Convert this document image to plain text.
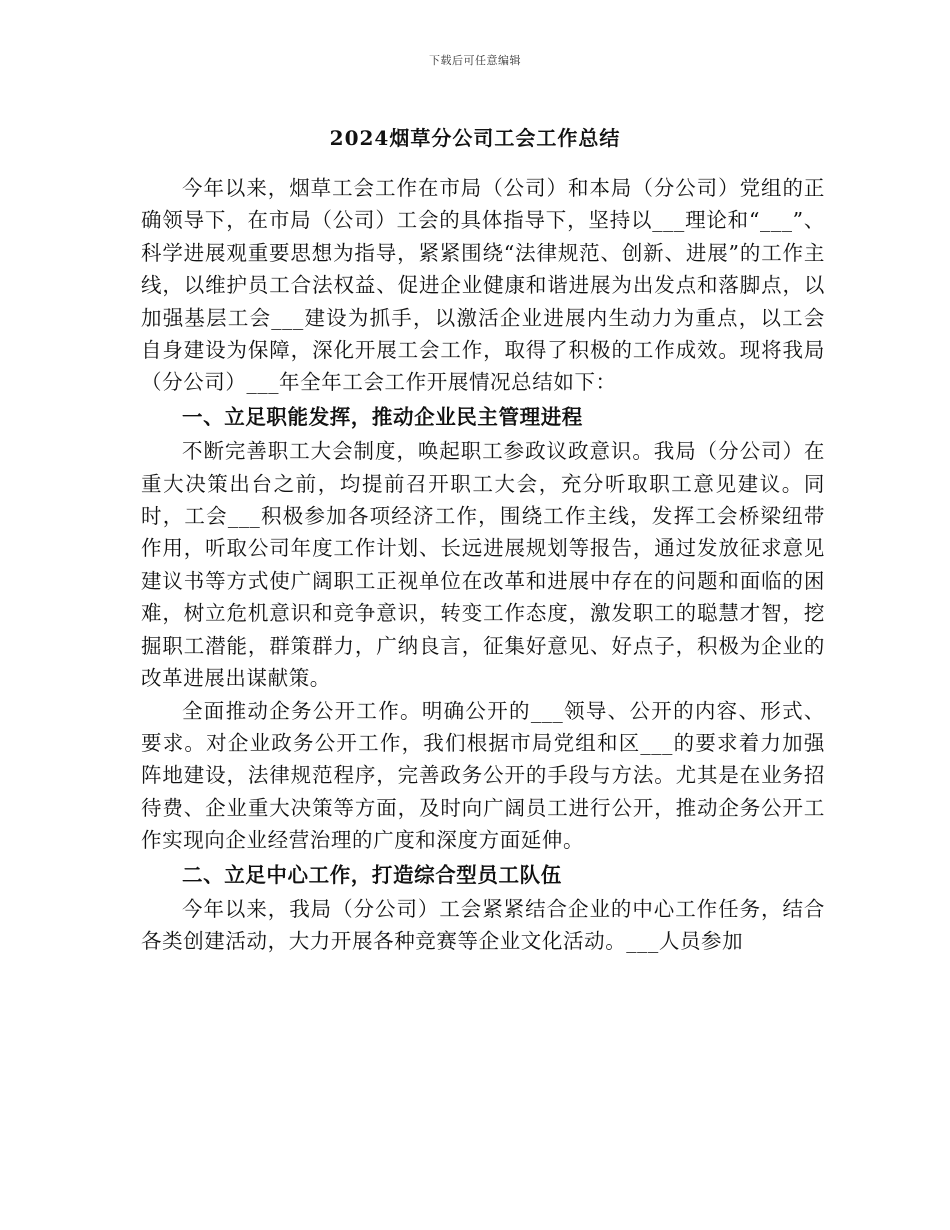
下载后可任意编辑
2024烟草分公司工会工作总结

今年以来，烟草工会工作在市局（公司）和本局（分公司）党组的正确领导下，在市局（公司）工会的具体指导下，坚持以___理论和“___”、科学进展观重要思想为指导，紧紧围绕“法律规范、创新、进展”的工作主线，以维护员工合法权益、促进企业健康和谐进展为出发点和落脚点，以加强基层工会___建设为抓手，以激活企业进展内生动力为重点，以工会自身建设为保障，深化开展工会工作，取得了积极的工作成效。现将我局（分公司）___年全年工会工作开展情况总结如下：

一、立足职能发挥，推动企业民主管理进程

不断完善职工大会制度，唤起职工参政议政意识。我局（分公司）在重大决策出台之前，均提前召开职工大会，充分听取职工意见建议。同时，工会___积极参加各项经济工作，围绕工作主线，发挥工会桥梁纽带作用，听取公司年度工作计划、长远进展规划等报告，通过发放征求意见建议书等方式使广阔职工正视单位在改革和进展中存在的问题和面临的困难，树立危机意识和竞争意识，转变工作态度，激发职工的聪慧才智，挖掘职工潜能，群策群力，广纳良言，征集好意见、好点子，积极为企业的改革进展出谋献策。

全面推动企务公开工作。明确公开的___领导、公开的内容、形式、要求。对企业政务公开工作，我们根据市局党组和区___的要求着力加强阵地建设，法律规范程序，完善政务公开的手段与方法。尤其是在业务招待费、企业重大决策等方面，及时向广阔员工进行公开，推动企务公开工作实现向企业经营治理的广度和深度方面延伸。

二、立足中心工作，打造综合型员工队伍

今年以来，我局（分公司）工会紧紧结合企业的中心工作任务，结合各类创建活动，大力开展各种竞赛等企业文化活动。___人员参加
